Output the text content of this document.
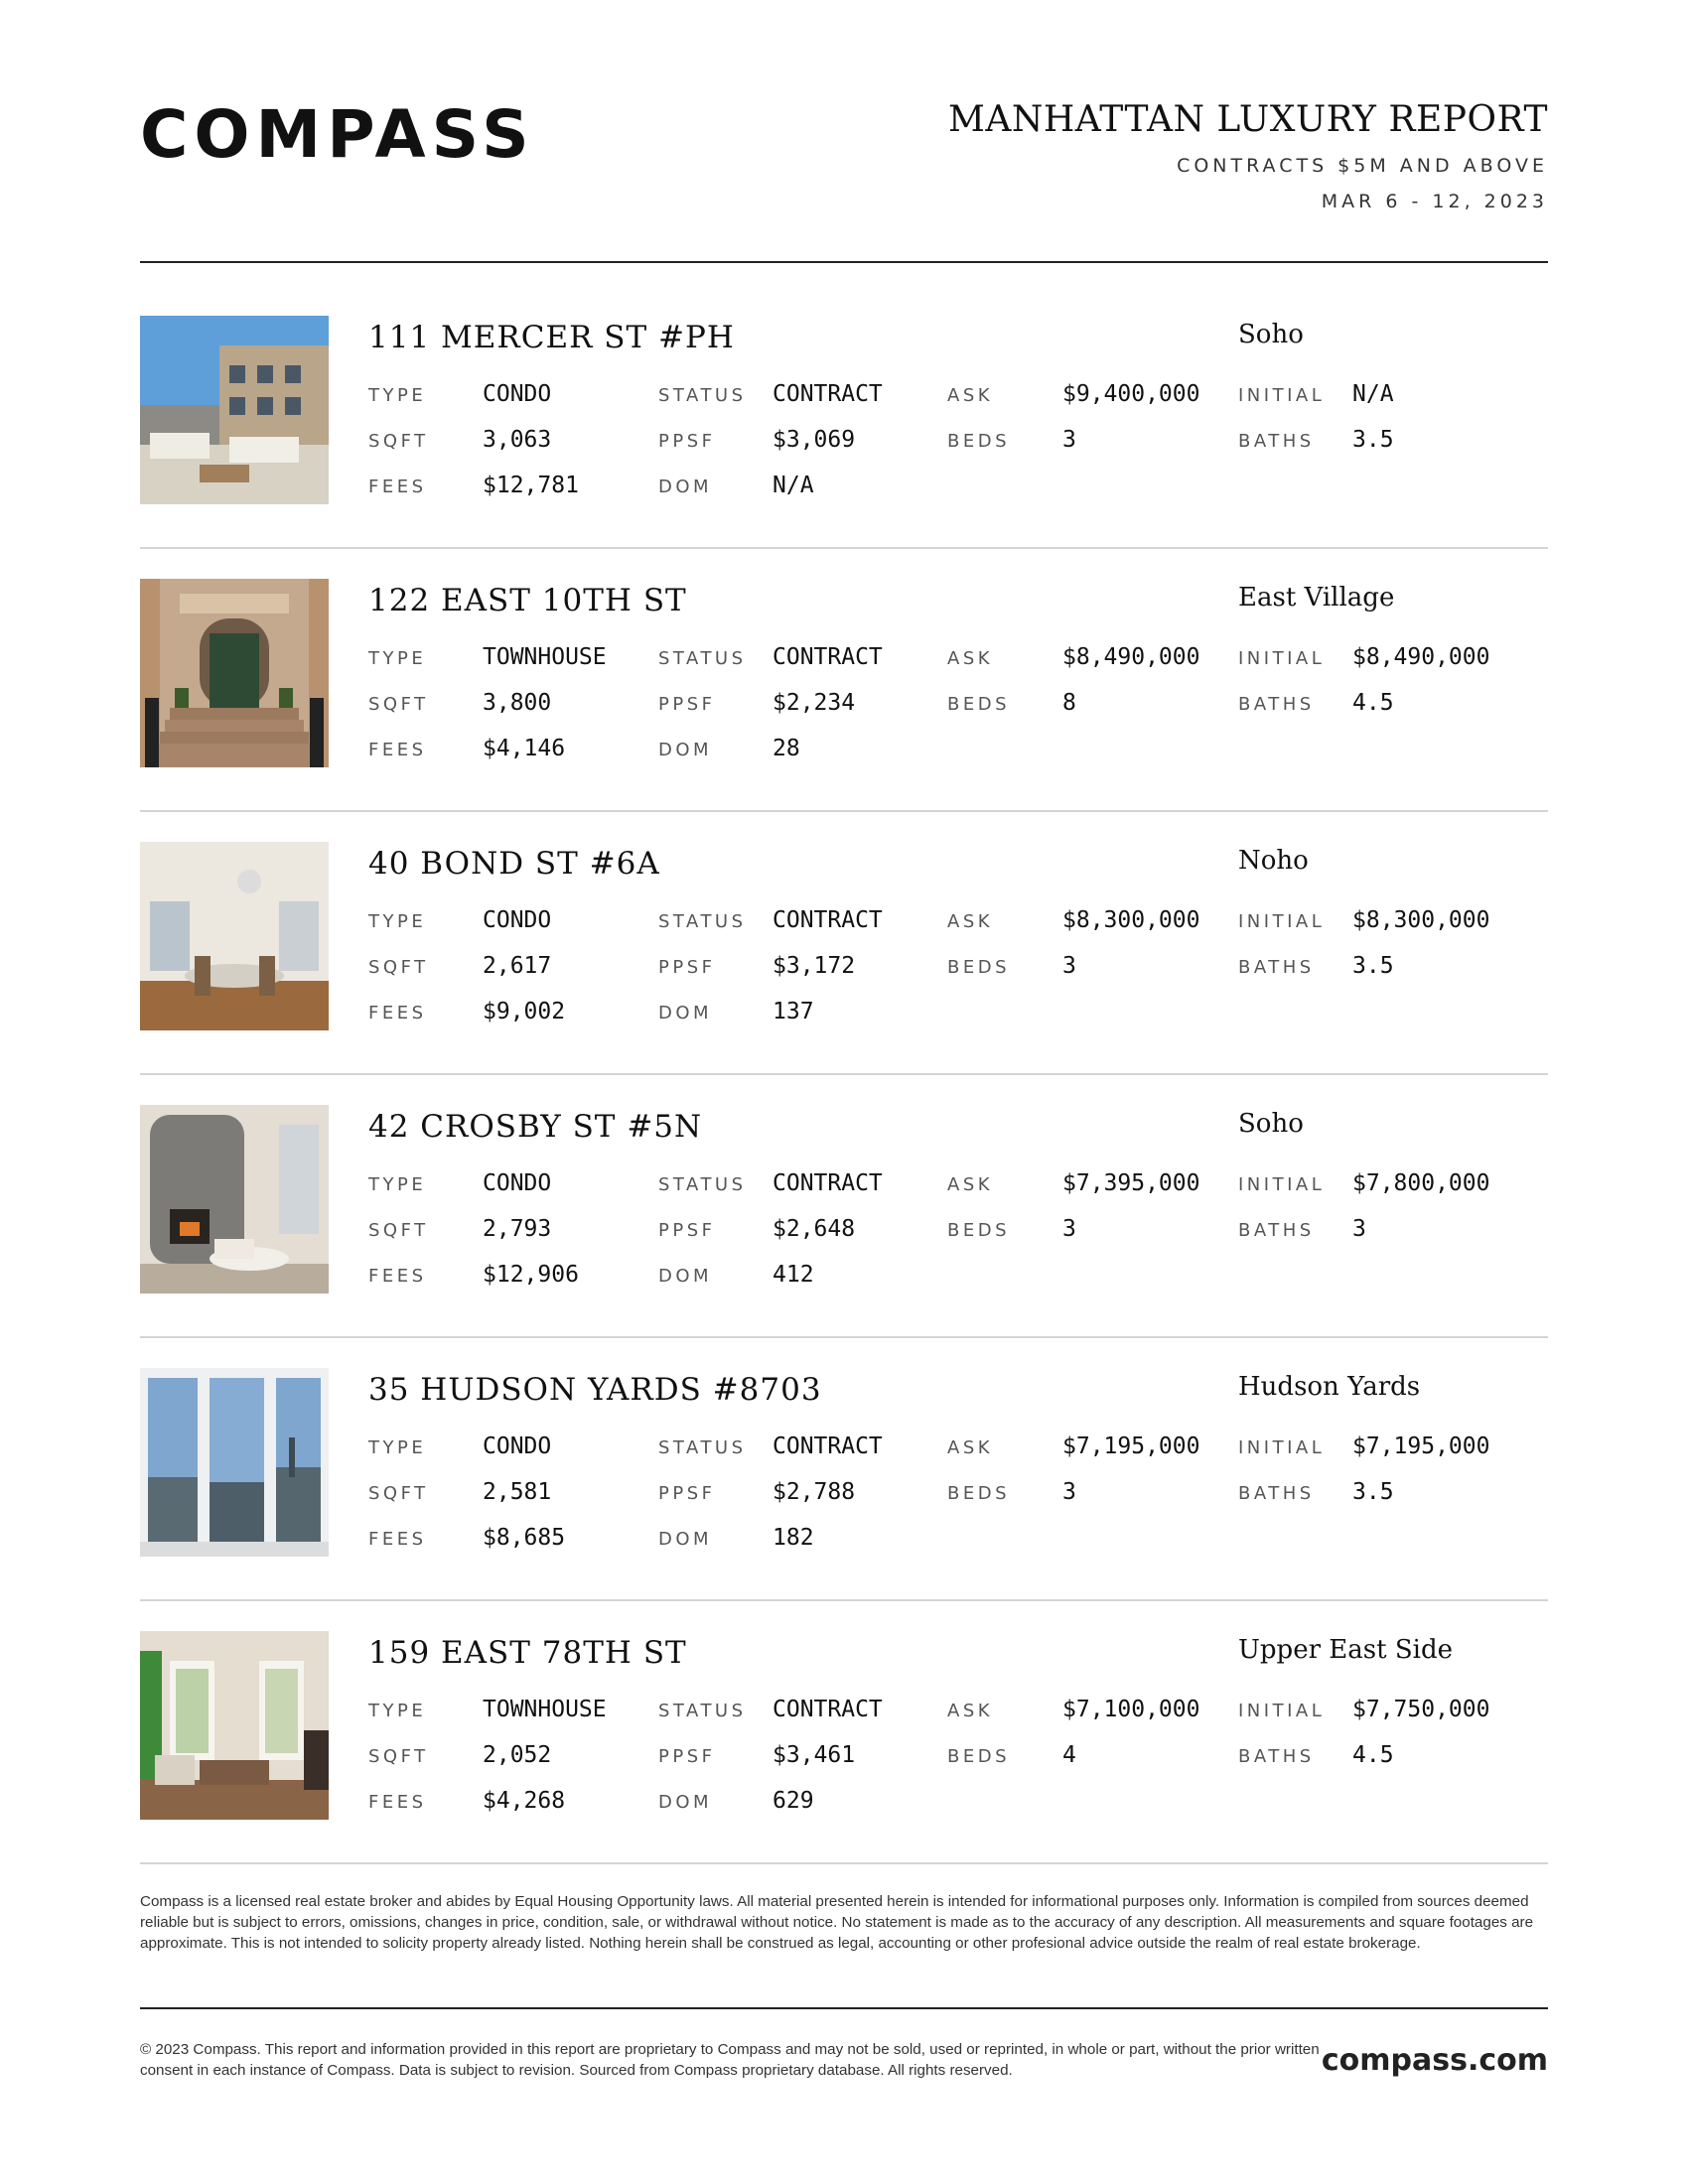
COMPASS	MANHATTAN LUXURY REPORT
CONTRACTS $5M AND ABOVE
MAR 6 - 12, 2023
111 MERCER ST #PH	Soho
TYPE CONDO	STATUS CONTRACT	ASK	$9,400,000 INITIAL N/A
SQFT 3,063	PPSF	$3,069	BEDS 3	BATHS 3.5
FEES $12,781	DOM	N/A
122 EAST 10TH ST	East Village
TYPE TOWNHOUSE	STATUS CONTRACT	ASK	$8,490,000 INITIAL $8,490,000
SQFT 3,800	PPSF	$2,234	BEDS 8	BATHS 4.5
FEES $4,146	DOM	28
40 BOND ST #6A	Noho
TYPE CONDO	STATUS CONTRACT	ASK	$8,300,000 INITIAL $8,300,000
SQFT 2,617	PPSF	$3,172	BEDS 3	BATHS 3.5
FEES $9,002	DOM	137
42 CROSBY ST #5N	Soho
TYPE CONDO	STATUS CONTRACT	ASK	$7,395,000 INITIAL $7,800,000
SQFT 2,793	PPSF	$2,648	BEDS 3	BATHS 3
FEES $12,906	DOM	412
35 HUDSON YARDS #8703	Hudson Yards
TYPE CONDO	STATUS CONTRACT	ASK	$7,195,000 INITIAL $7,195,000
SQFT 2,581	PPSF	$2,788	BEDS 3	BATHS 3.5
FEES $8,685	DOM	182
159 EAST 78TH ST	Upper East Side
TYPE TOWNHOUSE	STATUS CONTRACT	ASK	$7,100,000 INITIAL $7,750,000
SQFT 2,052	PPSF	$3,461	BEDS 4	BATHS 4.5
FEES $4,268	DOM	629
Compass is a licensed real estate broker and abides by Equal Housing Opportunity laws. All material presented herein is intended for informational purposes only. Information is compiled from sources deemed reliable but is subject to errors, omissions, changes in price, condition, sale, or withdrawal without notice. No statement is made as to the accuracy of any description. All measurements and square footages are approximate. This is not intended to solicity property already listed. Nothing herein shall be construed as legal, accounting or other profesional advice outside the realm of real estate brokerage.
© 2023 Compass. This report and information provided in this report are proprietary to Compass and may not be sold, used or reprinted, in whole or part, without the prior written consent in each instance of Compass. Data is subject to revision. Sourced from Compass proprietary database. All rights reserved.	compass.com
